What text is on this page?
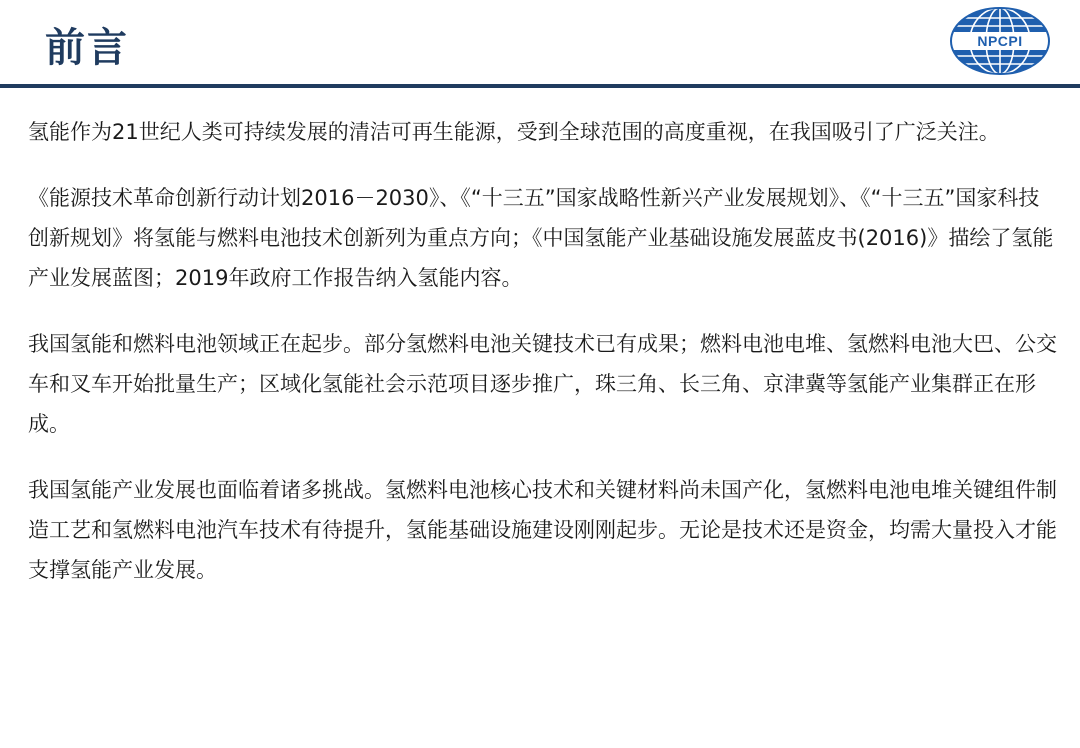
前言	NPCPI

氢能作为21世纪人类可持续发展的清洁可再生能源，受到全球范围的高度重视，在我国吸引了广泛关注。

《能源技术革命创新行动计划2016－2030》、《“十三五”国家战略性新兴产业发展规划》、《“十三五”国家科技创新规划》将氢能与燃料电池技术创新列为重点方向；《中国氢能产业基础设施发展蓝皮书(2016)》描绘了氢能产业发展蓝图；2019年政府工作报告纳入氢能内容。

我国氢能和燃料电池领域正在起步。部分氢燃料电池关键技术已有成果；燃料电池电堆、氢燃料电池大巴、公交车和叉车开始批量生产；区域化氢能社会示范项目逐步推广，珠三角、长三角、京津冀等氢能产业集群正在形成。

我国氢能产业发展也面临着诸多挑战。氢燃料电池核心技术和关键材料尚未国产化，氢燃料电池电堆关键组件制造工艺和氢燃料电池汽车技术有待提升，氢能基础设施建设刚刚起步。无论是技术还是资金，均需大量投入才能支撑氢能产业发展。
